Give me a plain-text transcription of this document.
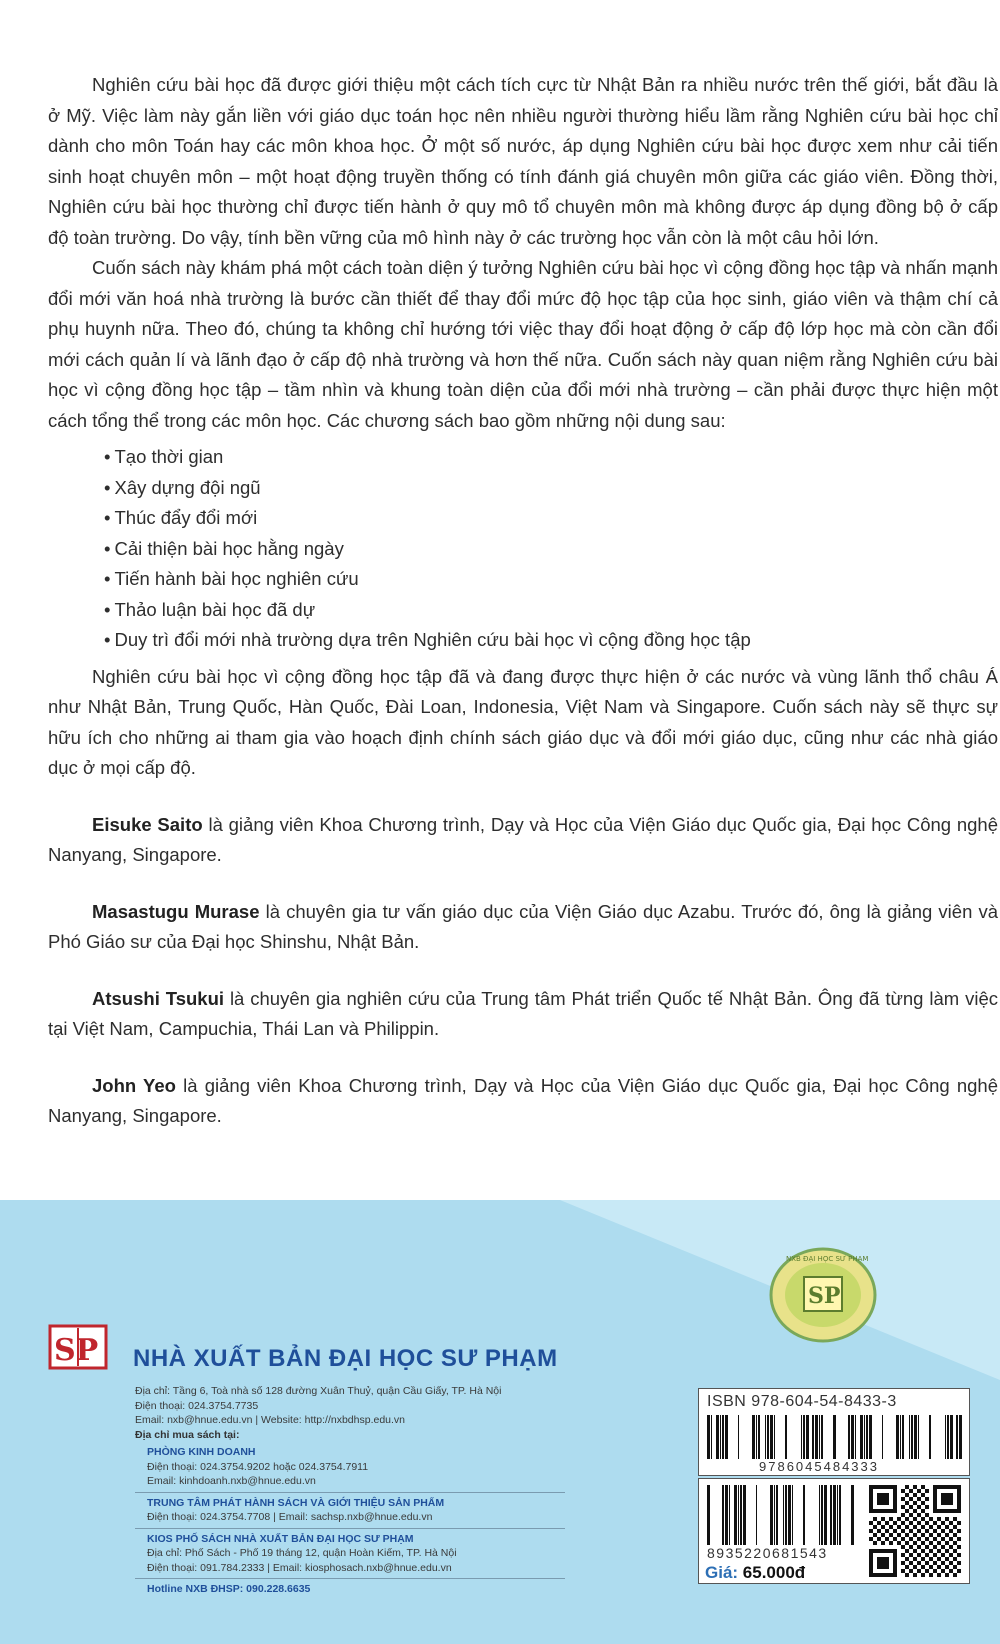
Nghiên cứu bài học đã được giới thiệu một cách tích cực từ Nhật Bản ra nhiều nước trên thế giới, bắt đầu là ở Mỹ. Việc làm này gắn liền với giáo dục toán học nên nhiều người thường hiểu lầm rằng Nghiên cứu bài học chỉ dành cho môn Toán hay các môn khoa học. Ở một số nước, áp dụng Nghiên cứu bài học được xem như cải tiến sinh hoạt chuyên môn – một hoạt động truyền thống có tính đánh giá chuyên môn giữa các giáo viên. Đồng thời, Nghiên cứu bài học thường chỉ được tiến hành ở quy mô tổ chuyên môn mà không được áp dụng đồng bộ ở cấp độ toàn trường. Do vậy, tính bền vững của mô hình này ở các trường học vẫn còn là một câu hỏi lớn.

Cuốn sách này khám phá một cách toàn diện ý tưởng Nghiên cứu bài học vì cộng đồng học tập và nhấn mạnh đổi mới văn hoá nhà trường là bước cần thiết để thay đổi mức độ học tập của học sinh, giáo viên và thậm chí cả phụ huynh nữa. Theo đó, chúng ta không chỉ hướng tới việc thay đổi hoạt động ở cấp độ lớp học mà còn cần đổi mới cách quản lí và lãnh đạo ở cấp độ nhà trường và hơn thế nữa. Cuốn sách này quan niệm rằng Nghiên cứu bài học vì cộng đồng học tập – tầm nhìn và khung toàn diện của đổi mới nhà trường – cần phải được thực hiện một cách tổng thể trong các môn học. Các chương sách bao gồm những nội dung sau:

• Tạo thời gian
• Xây dựng đội ngũ
• Thúc đẩy đổi mới
• Cải thiện bài học hằng ngày
• Tiến hành bài học nghiên cứu
• Thảo luận bài học đã dự
• Duy trì đổi mới nhà trường dựa trên Nghiên cứu bài học vì cộng đồng học tập

Nghiên cứu bài học vì cộng đồng học tập đã và đang được thực hiện ở các nước và vùng lãnh thổ châu Á như Nhật Bản, Trung Quốc, Hàn Quốc, Đài Loan, Indonesia, Việt Nam và Singapore. Cuốn sách này sẽ thực sự hữu ích cho những ai tham gia vào hoạch định chính sách giáo dục và đổi mới giáo dục, cũng như các nhà giáo dục ở mọi cấp độ.

Eisuke Saito là giảng viên Khoa Chương trình, Dạy và Học của Viện Giáo dục Quốc gia, Đại học Công nghệ Nanyang, Singapore.

Masastugu Murase là chuyên gia tư vấn giáo dục của Viện Giáo dục Azabu. Trước đó, ông là giảng viên và Phó Giáo sư của Đại học Shinshu, Nhật Bản.

Atsushi Tsukui là chuyên gia nghiên cứu của Trung tâm Phát triển Quốc tế Nhật Bản. Ông đã từng làm việc tại Việt Nam, Campuchia, Thái Lan và Philippin.

John Yeo là giảng viên Khoa Chương trình, Dạy và Học của Viện Giáo dục Quốc gia, Đại học Công nghệ Nanyang, Singapore.

SP NHÀ XUẤT BẢN ĐẠI HỌC SƯ PHẠM
Địa chỉ: Tầng 6, Toà nhà số 128 đường Xuân Thuỷ, quận Cầu Giấy, TP. Hà Nội
Điện thoại: 024.3754.7735
Email: nxb@hnue.edu.vn | Website: http://nxbdhsp.edu.vn
Địa chỉ mua sách tại:
PHÒNG KINH DOANH
Điện thoại: 024.3754.9202 hoặc 024.3754.7911
Email: kinhdoanh.nxb@hnue.edu.vn
TRUNG TÂM PHÁT HÀNH SÁCH VÀ GIỚI THIỆU SẢN PHẨM
Điện thoại: 024.3754.7708 | Email: sachsp.nxb@hnue.edu.vn
KIOS PHỐ SÁCH NHÀ XUẤT BẢN ĐẠI HỌC SƯ PHẠM
Địa chỉ: Phố Sách - Phố 19 tháng 12, quận Hoàn Kiếm, TP. Hà Nội
Điện thoại: 091.784.2333 | Email: kiosphosach.nxb@hnue.edu.vn
Hotline NXB ĐHSP: 090.228.6635
SP
NXB ĐẠI HỌC SƯ PHẠM
ISBN 978-604-54-8433-3
9786045484333
8935220681543
Giá: 65.000đ
